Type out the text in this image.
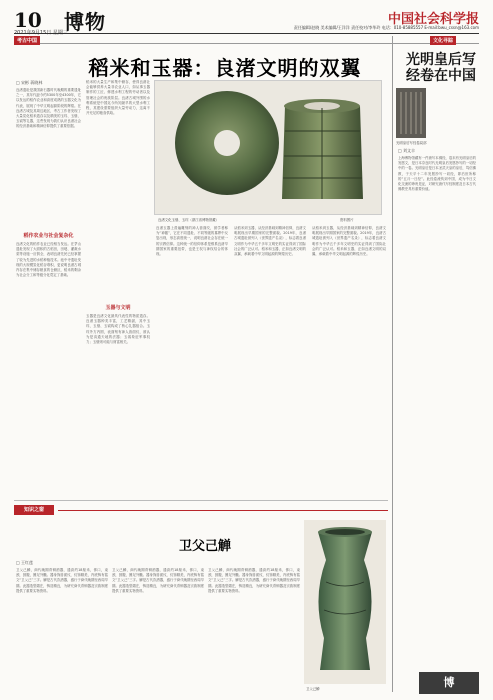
10
2021年9月15日 星期三
博物	中国社会科学报
责任编辑/赵晓 美术编辑/王洋洋 责任校对/李华玲 电话：010-85885557 E-mail:bwu_cssn@163.com
考古中国	文化寻踪
稻米和玉器：良渚文明的双翼
□ 宋彬 蒋晓林
良渚遗址是我国新石器时代晚期的重要遗址之一，其年代距今约5300年至4300年，它以发达的稻作农业和高度成熟的玉器文化为代表，展现了中华文明起源阶段的辉煌。在良渚古城及其周边地区，考古工作者发现了大量炭化稻米遗存以及精美的玉琮、玉璧、玉钺等礼器，这些发现为我们认识良渚社会的经济基础和精神信仰提供了重要依据。
稻作农业与社会复杂化
良渚文化的稻作农业已经相当发达。在茅山遗址发现了大面积的古稻田，田埂、灌溉水渠等设施一应俱全，表明良渚先民已经掌握了较为先进的水稻种植技术。池中寺遗址发现的大规模炭化稻谷堆积，更说明良渚古城内存在集中储存粮食的仓储区，稻米的剩余为社会分工和等级分化奠定了基础。
稻米的大量生产和集中储存，使得良渚社会能够供养大量非农业人口，如从事玉器制作的工匠、修建水利工程的劳动者以及管理社会的贵族阶层。良渚古城外围的水利系统是中国迄今所知最早的大型水利工程，其建设需要组织大量劳动力，这离不开充足的粮食供给。
玉器与文明
玉器是良渚文化最具代表性的物质遗存。良渚玉器种类丰富，工艺精湛，其中玉琮、玉璧、玉钺构成了核心礼器组合。玉琮外方内圆，表面刻有神人兽面纹，被认为是沟通天地的法器；玉钺象征军事权力；玉璧则可能与财富相关。
良渚文化玉璧、玉琮（浙江省博物馆藏）	资料图片
良渚玉器上普遍雕刻的神人兽面纹，被学者称为“神徽”，它在不同遗址、不同等级的墓葬中反复出现，形态高度统一，说明良渚社会存在统一的宗教信仰。这种统一的信仰体系是维系良渚早期国家的重要纽带，也是王权与神权结合的体现。
从稻米到玉器，从经济基础到精神信仰，良渚文明展现出早期国家的完整面貌。2019年，良渚古城遗址被列入《世界遗产名录》，标志着良渚文明作为中华五千多年文明史的实证得到了国际社会的广泛认可。稻米和玉器，正如良渚文明的双翼，承载着中华文明起源的辉煌历史。
从稻米到玉器，从经济基础到精神信仰，良渚文明展现出早期国家的完整面貌。2019年，良渚古城遗址被列入《世界遗产名录》，标志着良渚文明作为中华五千多年文明史的实证得到了国际社会的广泛认可。稻米和玉器，正如良渚文明的双翼，承载着中华文明起源的辉煌历史。
光明皇后写经卷在中国
光明皇后写经卷局部
□ 刘文丰
上海博物馆藏有一件唐写本佛经，卷末有光明皇后的发愿文，是日本奈良时代光明皇后发愿抄写的一切经中的一卷。光明皇后是日本圣武天皇的皇后，笃信佛教，于天平十二年发愿抄写一切经，即后世所称的“五月一日经”。此经卷流传到中国，成为中日文化交流的珍贵见证，对研究唐代写经制度及日本古代佛教史具有重要价值。
知识之窗
卫父己觯
□ 王红莲
卫父己觯，商代晚期青铜酒器，通高约18厘米，侈口，束颈，鼓腹，圈足外撇。器身饰兽面纹，纹饰精美，内底铸有铭文“卫父己”三字。觯是古代饮酒器，盛行于商代晚期至西周早期。此器造型端庄，铸造精良，为研究商代青铜器及宗族制度提供了重要实物资料。
卫父己觯，商代晚期青铜酒器，通高约18厘米，侈口，束颈，鼓腹，圈足外撇。器身饰兽面纹，纹饰精美，内底铸有铭文“卫父己”三字。觯是古代饮酒器，盛行于商代晚期至西周早期。此器造型端庄，铸造精良，为研究商代青铜器及宗族制度提供了重要实物资料。
卫父己觯，商代晚期青铜酒器，通高约18厘米，侈口，束颈，鼓腹，圈足外撇。器身饰兽面纹，纹饰精美，内底铸有铭文“卫父己”三字。觯是古代饮酒器，盛行于商代晚期至西周早期。此器造型端庄，铸造精良，为研究商代青铜器及宗族制度提供了重要实物资料。
卫父己觯	博
